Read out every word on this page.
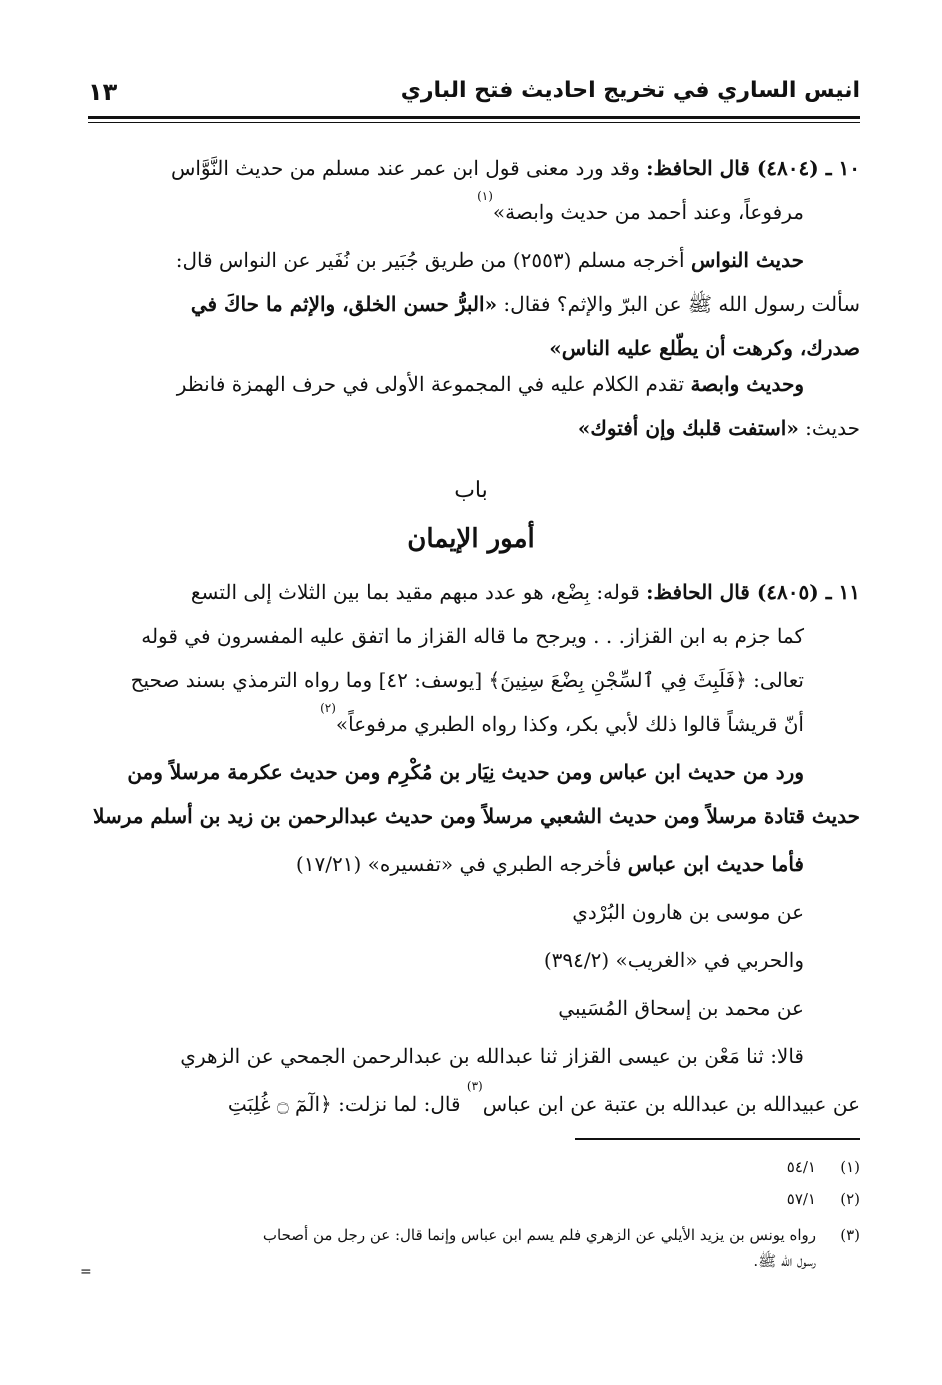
انيس الساري في تخريج احاديث فتح الباري
١٣
١٠ ـ (٤٨٠٤) قال الحافظ: وقد ورد معنى قول ابن عمر عند مسلم من حديث النَّوَّاس
مرفوعاً، وعند أحمد من حديث وابصة»$^{(١)}$
حديث النواس أخرجه مسلم (٢٥٥٣) من طريق جُبَير بن نُفَير عن النواس قال:
سألت رسول الله ﷺ عن البرّ والإثم؟ فقال: «البرُّ حسن الخلق، والإثم ما حاكَ في
صدرك، وكرهت أن يطّلع عليه الناس»
وحديث وابصة تقدم الكلام عليه في المجموعة الأولى في حرف الهمزة فانظر
حديث: «استفت قلبك وإن أفتوك»
باب
أمور الإيمان
١١ ـ (٤٨٠٥) قال الحافظ: قوله: بِضْع، هو عدد مبهم مقيد بما بين الثلاث إلى التسع
كما جزم به ابن القزاز. . . ويرجح ما قاله القزاز ما اتفق عليه المفسرون في قوله
تعالى: ﴿فَلَبِثَ فِي ٱلسِّجْنِ بِضْعَ سِنِينَ﴾ [يوسف: ٤٢] وما رواه الترمذي بسند صحيح
أنّ قريشاً قالوا ذلك لأبي بكر، وكذا رواه الطبري مرفوعاً»$^{(٢)}$
ورد من حديث ابن عباس ومن حديث نِيَار بن مُكْرِم ومن حديث عكرمة مرسلاً ومن
حديث قتادة مرسلاً ومن حديث الشعبي مرسلاً ومن حديث عبدالرحمن بن زيد بن أسلم مرسلا
فأما حديث ابن عباس فأخرجه الطبري في «تفسيره» (١٧/٢١)
عن موسى بن هارون البُرْدي
والحربي في «الغريب» (٣٩٤/٢)
عن محمد بن إسحاق المُسَيبي
قالا: ثنا مَعْن بن عيسى القزاز ثنا عبدالله بن عبدالرحمن الجمحي عن الزهري
عن عبيدالله بن عبدالله بن عتبة عن ابن عباس$^{(٣)}$ قال: لما نزلت: ﴿الٓمٓ ۝ غُلِبَتِ
(١)٥٤/١
(٢)٥٧/١
(٣)رواه يونس بن يزيد الأيلي عن الزهري فلم يسم ابن عباس وإنما قال: عن رجل من أصحاب
رسول الله ﷺ.
=
